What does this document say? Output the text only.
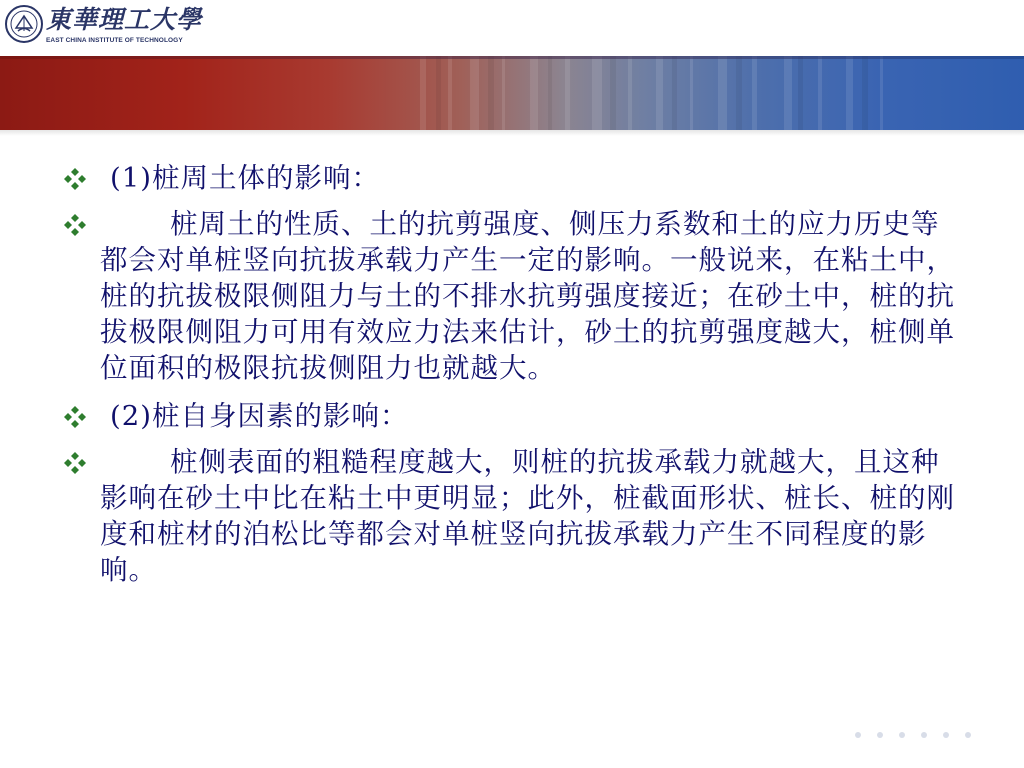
東華理工大學
EAST CHINA INSTITUTE OF TECHNOLOGY
(1)桩周土体的影响：
桩周土的性质、土的抗剪强度、侧压力系数和土的应力历史等都会对单桩竖向抗拔承载力产生一定的影响。一般说来，在粘土中，桩的抗拔极限侧阻力与土的不排水抗剪强度接近；在砂土中，桩的抗拔极限侧阻力可用有效应力法来估计，砂土的抗剪强度越大，桩侧单位面积的极限抗拔侧阻力也就越大。
(2)桩自身因素的影响：
桩侧表面的粗糙程度越大，则桩的抗拔承载力就越大，且这种影响在砂土中比在粘土中更明显；此外，桩截面形状、桩长、桩的刚度和桩材的泊松比等都会对单桩竖向抗拔承载力产生不同程度的影响。
